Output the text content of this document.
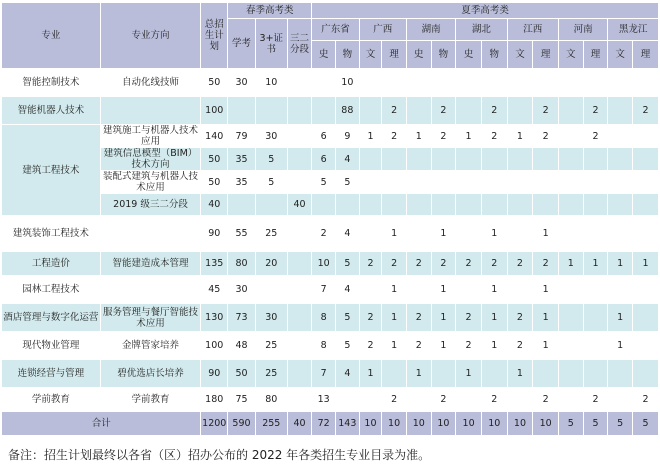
专业	专业方向	总招生计划	春季高考类			夏季高考类													
			学考	3+证书	三二分段	广东省		广西		湖南		湖北		江西		河南		黑龙江	
						史	物	文	理	史	物	史	物	文	理	文	理	文	理
智能控制技术	自动化线技师	50	30	10			10												
智能机器人技术		100					88		2		2		2		2		2		2
建筑工程技术	建筑施工与机器人技术应用	140	79	30		6	9	1	2	1	2	1	2	1	2		2		
	建筑信息模型（BIM）技术方向	50	35	5		6	4												
	装配式建筑与机器人技术应用	50	35	5		5	5												
	2019 级三二分段	40			40														
建筑装饰工程技术		90	55	25		2	4		1		1		1		1				
工程造价	智能建造成本管理	135	80	20		10	5	2	2	2	2	2	2	2	2	1	1	1	1
园林工程技术		45	30			7	4		1		1		1		1				
酒店管理与数字化运营	服务管理与餐厅智能技术应用	130	73	30		8	5	2	1	2	1	2	1	2	1			1	
现代物业管理	金牌管家培养	100	48	25		8	5	2	1	2	1	2	1	2	1			1	
连锁经营与管理	碧优选店长培养	90	50	25		7	4	1		1		1		1					
学前教育	学前教育	180	75	80		13			2		2		2		2		2		2
合计		1200	590	255	40	72	143	10	10	10	10	10	10	10	10	5	5	5	5
备注：招生计划最终以各省（区）招办公布的 2022 年各类招生专业目录为准。
